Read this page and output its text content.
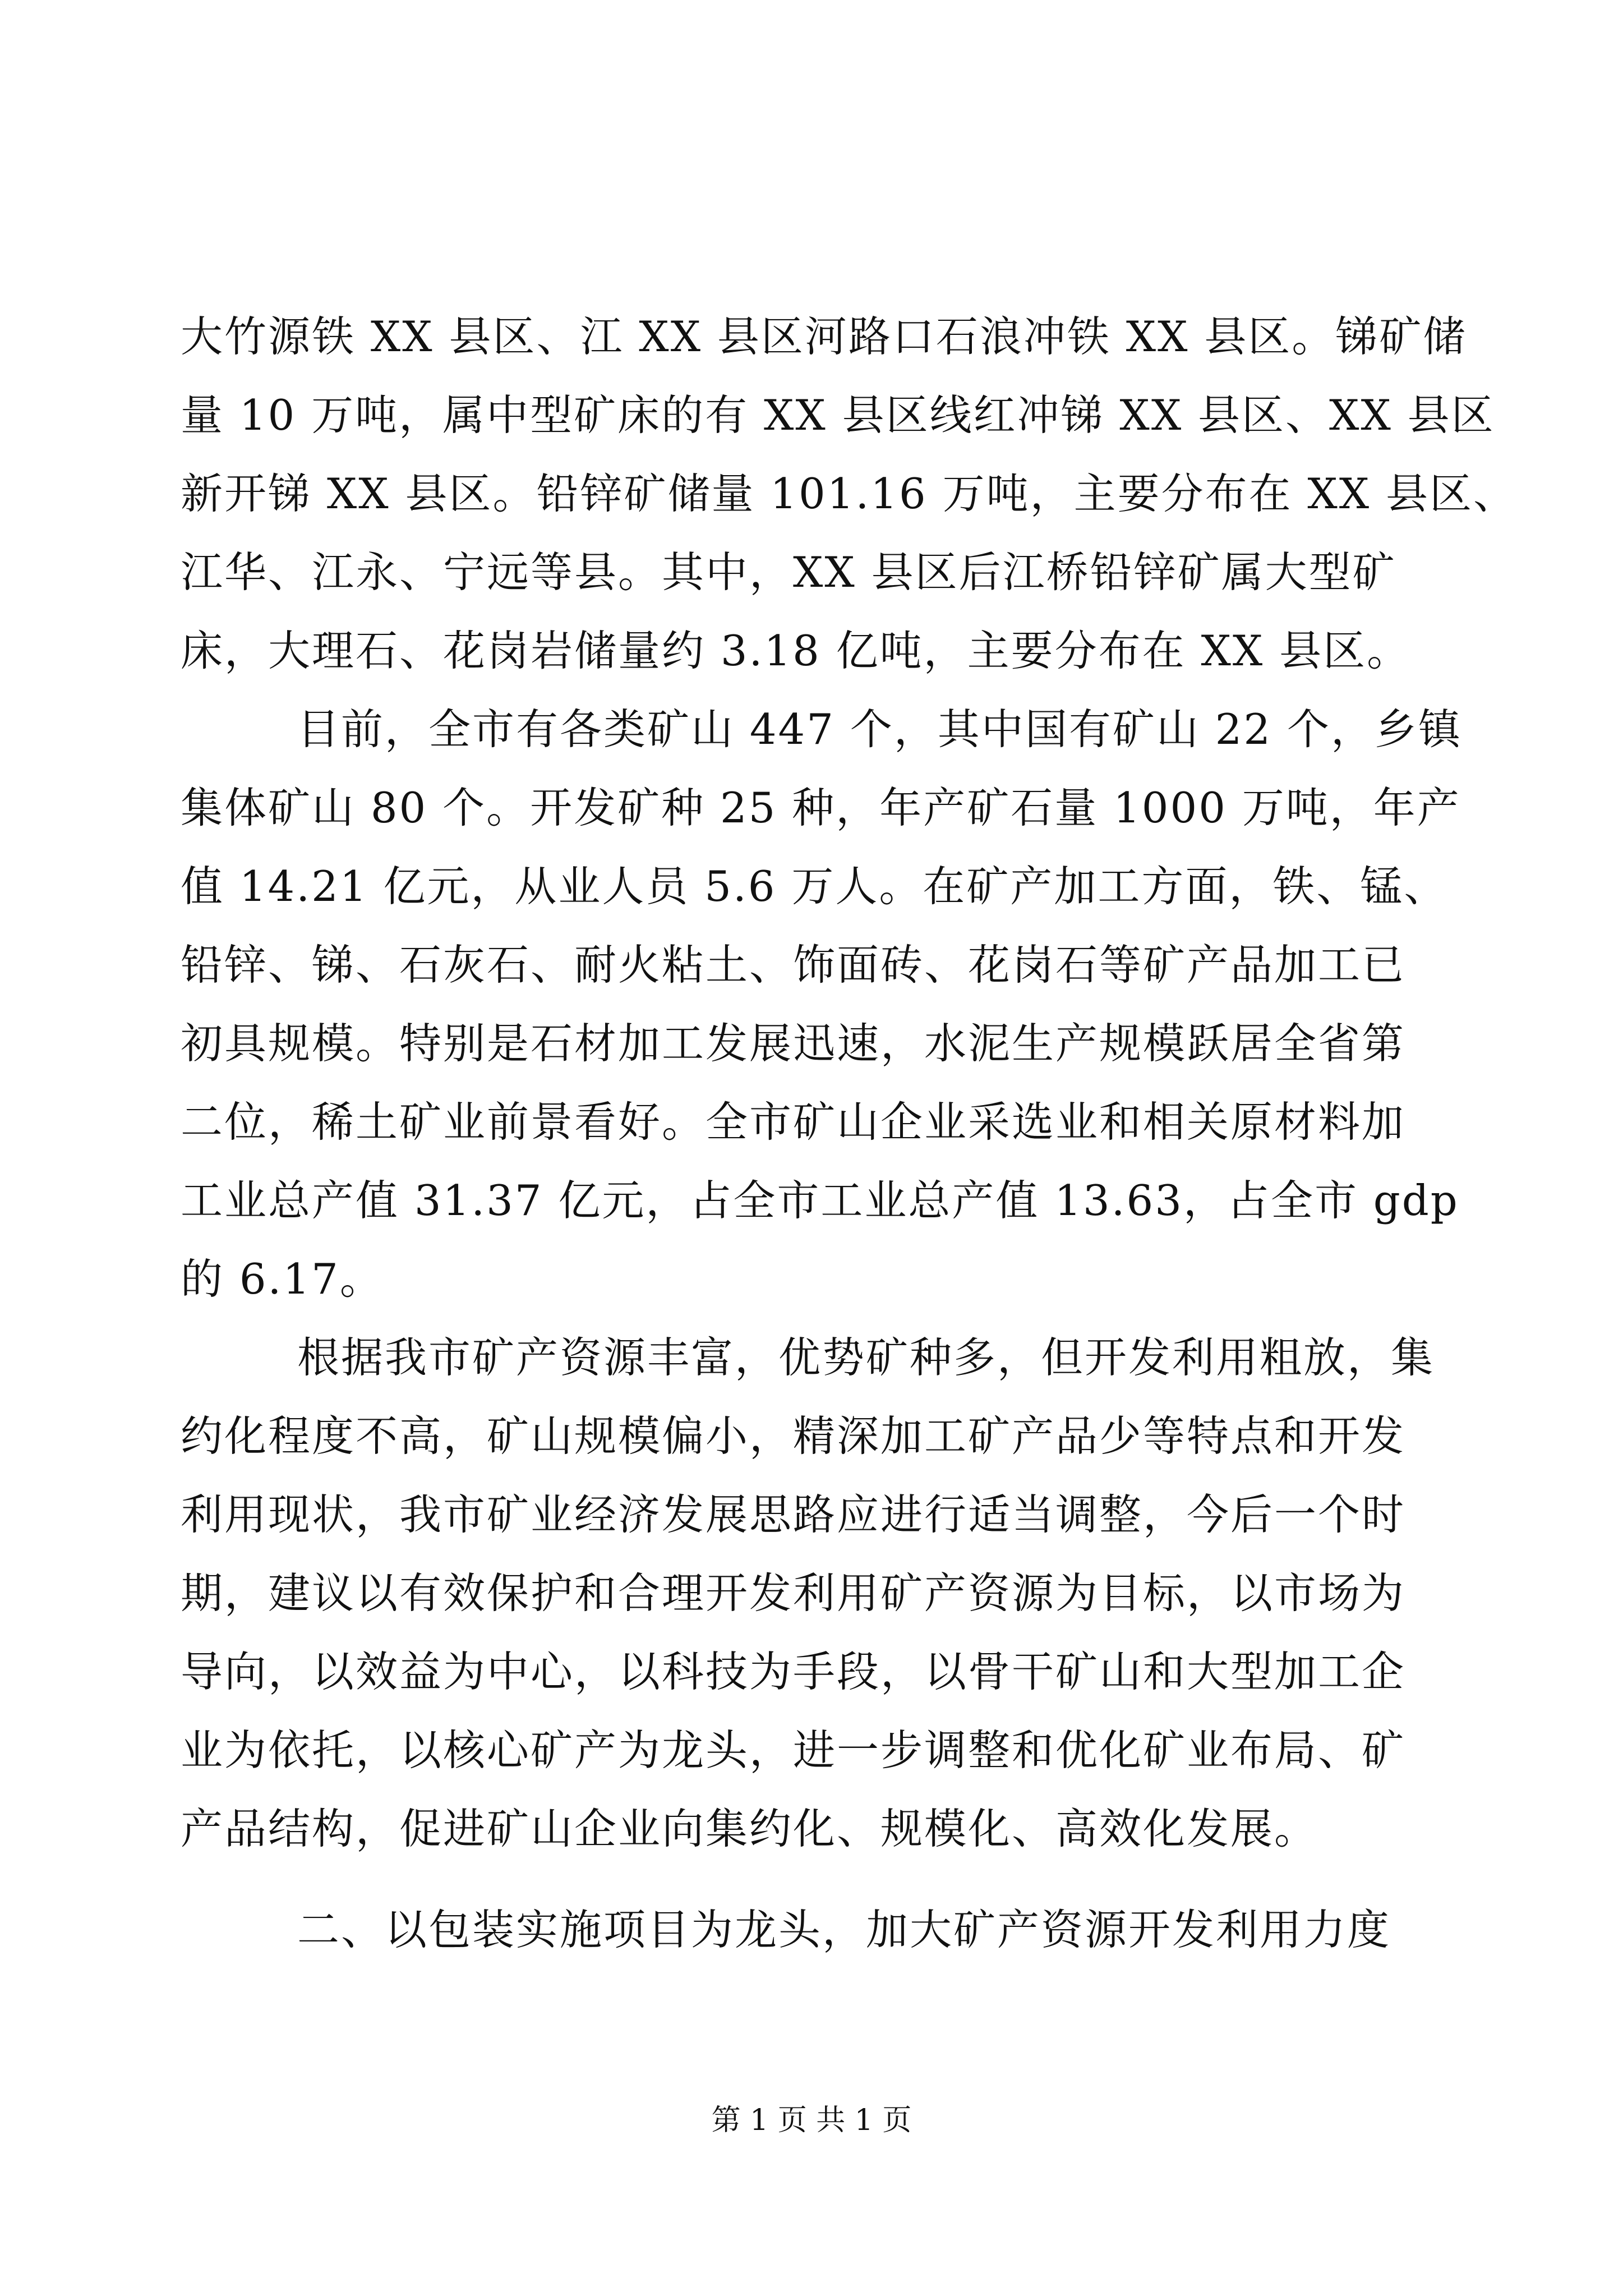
大竹源铁 XX 县区、江 XX 县区河路口石浪冲铁 XX 县区。锑矿储
量 10 万吨，属中型矿床的有 XX 县区线红冲锑 XX 县区、XX 县区
新开锑 XX 县区。铅锌矿储量 101.16 万吨，主要分布在 XX 县区、
江华、江永、宁远等县。其中，XX 县区后江桥铅锌矿属大型矿
床，大理石、花岗岩储量约 3.18 亿吨，主要分布在 XX 县区。
目前，全市有各类矿山 447 个，其中国有矿山 22 个，乡镇
集体矿山 80 个。开发矿种 25 种，年产矿石量 1000 万吨，年产
值 14.21 亿元，从业人员 5.6 万人。在矿产加工方面，铁、锰、
铅锌、锑、石灰石、耐火粘土、饰面砖、花岗石等矿产品加工已
初具规模。特别是石材加工发展迅速，水泥生产规模跃居全省第
二位，稀土矿业前景看好。全市矿山企业采选业和相关原材料加
工业总产值 31.37 亿元，占全市工业总产值 13.63，占全市 gdp
的 6.17。
根据我市矿产资源丰富，优势矿种多，但开发利用粗放，集
约化程度不高，矿山规模偏小，精深加工矿产品少等特点和开发
利用现状，我市矿业经济发展思路应进行适当调整，今后一个时
期，建议以有效保护和合理开发利用矿产资源为目标，以市场为
导向，以效益为中心，以科技为手段，以骨干矿山和大型加工企
业为依托，以核心矿产为龙头，进一步调整和优化矿业布局、矿
产品结构，促进矿山企业向集约化、规模化、高效化发展。
二、以包装实施项目为龙头，加大矿产资源开发利用力度
第 1 页 共 1 页
